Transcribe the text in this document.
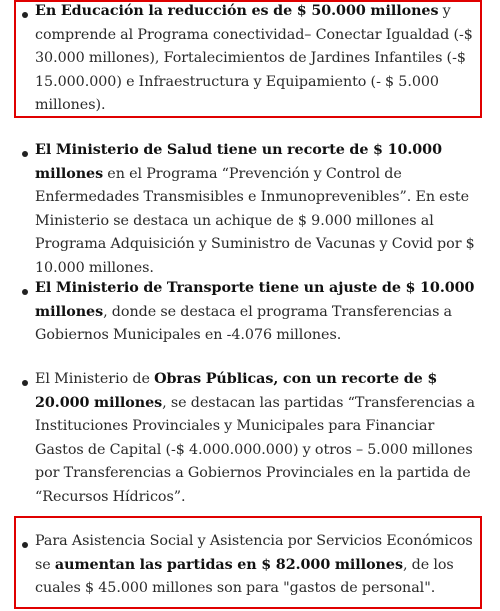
En Educación la reducción es de $ 50.000 millones y comprende al Programa conectividad– Conectar Igualdad (-$ 30.000 millones), Fortalecimientos de Jardines Infantiles (-$ 15.000.000) e Infraestructura y Equipamiento (- $ 5.000 millones).
El Ministerio de Salud tiene un recorte de $ 10.000 millones en el Programa “Prevención y Control de Enfermedades Transmisibles e Inmunoprevenibles”. En este Ministerio se destaca un achique de $ 9.000 millones al Programa Adquisición y Suministro de Vacunas y Covid por $ 10.000 millones.
El Ministerio de Transporte tiene un ajuste de $ 10.000 millones, donde se destaca el programa Transferencias a Gobiernos Municipales en -4.076 millones.
El Ministerio de Obras Públicas, con un recorte de $ 20.000 millones, se destacan las partidas “Transferencias a Instituciones Provinciales y Municipales para Financiar Gastos de Capital (-$ 4.000.000.000) y otros – 5.000 millones por Transferencias a Gobiernos Provinciales en la partida de “Recursos Hídricos”.
Para Asistencia Social y Asistencia por Servicios Económicos se aumentan las partidas en $ 82.000 millones, de los cuales $ 45.000 millones son para "gastos de personal".
